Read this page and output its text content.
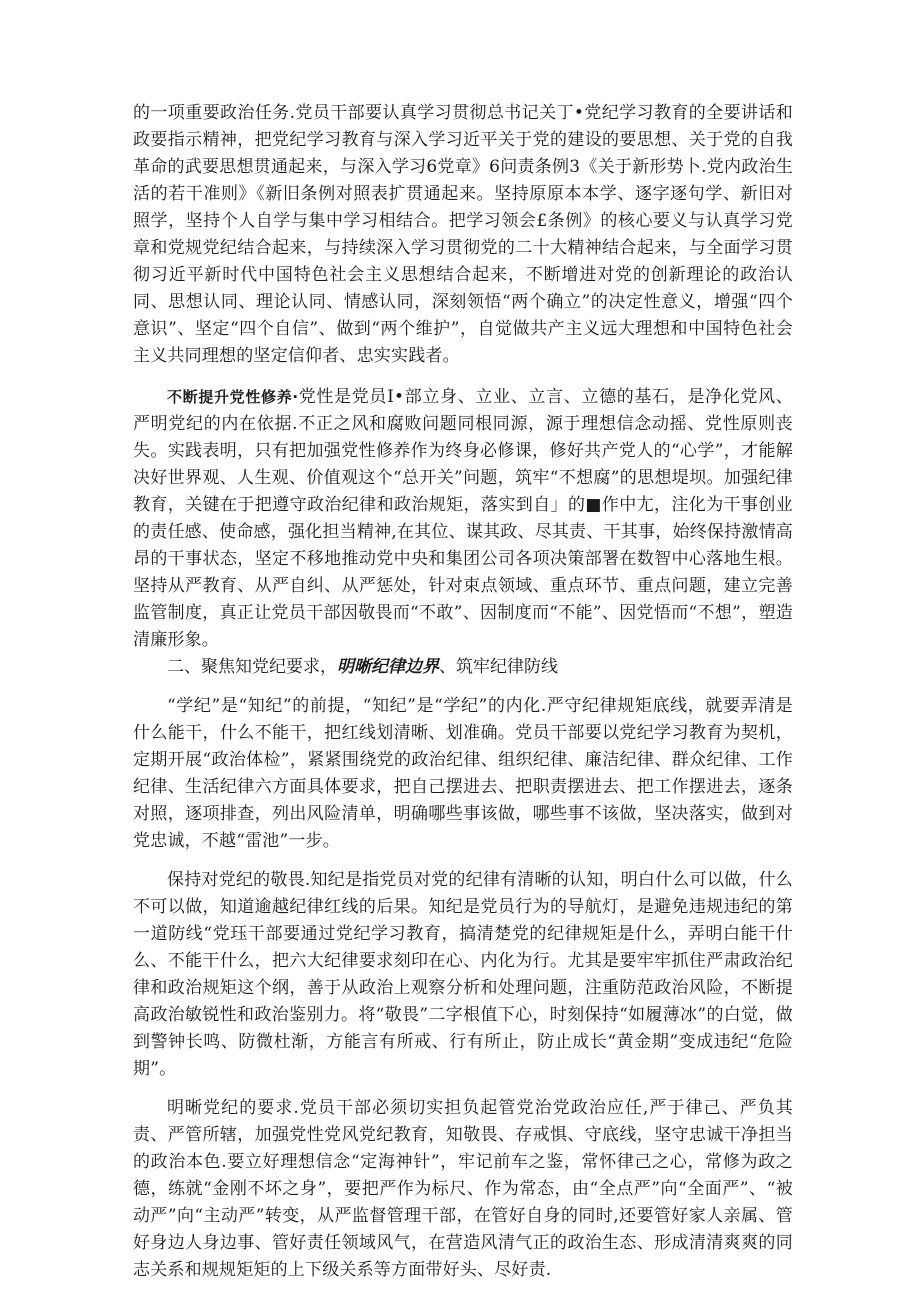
的一项重要政治任务.党员干部要认真学习贯彻总书记关丁•党纪学习教育的全要讲话和政要指示精神，把党纪学习教育与深入学习近平关于党的建设的要思想、关于党的自我革命的武要思想贯通起来，与深入学习6党章》6问责条例3《关于新形势卜.党内政治生活的若干准则》《新旧条例对照表扩贯通起来。坚持原原本本学、逐字逐句学、新旧对照学，坚持个人自学与集中学习相结合。把学习领会£条例》的核心要义与认真学习党章和党规党纪结合起来，与持续深入学习贯彻党的二十大精神结合起来，与全面学习贯彻习近平新时代中国特色社会主义思想结合起来，不断增进对党的创新理论的政治认同、思想认同、理论认同、情感认同，深刻领悟“两个确立”的决定性意义，增强“四个意识”、坚定“四个自信”、做到“两个维护”，自觉做共产主义远大理想和中国特色社会主义共同理想的坚定信仰者、忠实实践者。

不断提升党性修养·党性是党员I•部立身、立业、立言、立德的基石，是净化党风、严明党纪的内在依据.不正之风和腐败问题同根同源，源于理想信念动摇、党性原则丧失。实践表明，只有把加强党性修养作为终身必修课，修好共产党人的“心学”，才能解决好世界观、人生观、价值观这个“总开关”问题，筑牢“不想腐”的思想堤坝。加强纪律教育，关键在于把遵守政治纪律和政治规矩，落实到自」的■作中尢，注化为干事创业的责任感、使命感，强化担当精神,在其位、谋其政、尽其责、干其事，始终保持激情高昂的干事状态，坚定不移地推动党中央和集团公司各项决策部署在数智中心落地生根。坚持从严教育、从严自纠、从严惩处，针对束点领域、重点环节、重点问题，建立完善监管制度，真正让党员干部因敬畏而“不敢”、因制度而“不能”、因党悟而“不想”，塑造清廉形象。

二、聚焦知党纪要求，明晰纪律边界、筑牢纪律防线

“学纪”是“知纪”的前提，“知纪”是“学纪”的内化.严守纪律规矩底线，就要弄清是什么能干，什么不能干，把红线划清晰、划准确。党员干部要以党纪学习教育为契机，定期开展“政治体检”，紧紧围绕党的政治纪律、组织纪律、廉洁纪律、群众纪律、工作纪律、生活纪律六方面具体要求，把自己摆进去、把职责摆进去、把工作摆进去，逐条对照，逐项排查，列出风险清单，明确哪些事该做，哪些事不该做，坚决落实，做到对党忠诚，不越“雷池”一步。

保持对党纪的敬畏.知纪是指党员对党的纪律有清晰的认知，明白什么可以做，什么不可以做，知道逾越纪律红线的后果。知纪是党员行为的导航灯，是避免违规违纪的第一道防线“党珏干部要通过党纪学习教育，搞清楚党的纪律规矩是什么，弄明白能干什么、不能干什么，把六大纪律要求刻印在心、内化为行。尤其是要牢牢抓住严肃政治纪律和政治规矩这个纲，善于从政治上观察分析和处理问题，注重防范政治风险，不断提高政治敏锐性和政治鉴别力。将“敬畏”二字根值下心，时刻保持“如履薄冰”的白觉，做到警钟长鸣、防微杜渐，方能言有所戒、行有所止，防止成长“黄金期”变成违纪“危险期”。

明晰党纪的要求.党员干部必须切实担负起管党治党政治应任,严于律己、严负其责、严管所辖，加强党性党风党纪教育，知敬畏、存戒惧、守底线，坚守忠诚干净担当的政治本色.要立好理想信念“定海神针”，牢记前车之鉴，常怀律己之心，常修为政之德，练就“金刚不坏之身”，要把严作为标尺、作为常态，由“全点严”向“全面严”、“被动严”向“主动严”转变，从严监督管理干部，在管好自身的同时,还要管好家人亲属、管好身边人身边事、管好责任领域风气，在营造风清气正的政治生态、形成清清爽爽的同志关系和规规矩矩的上下级关系等方面带好头、尽好责.
